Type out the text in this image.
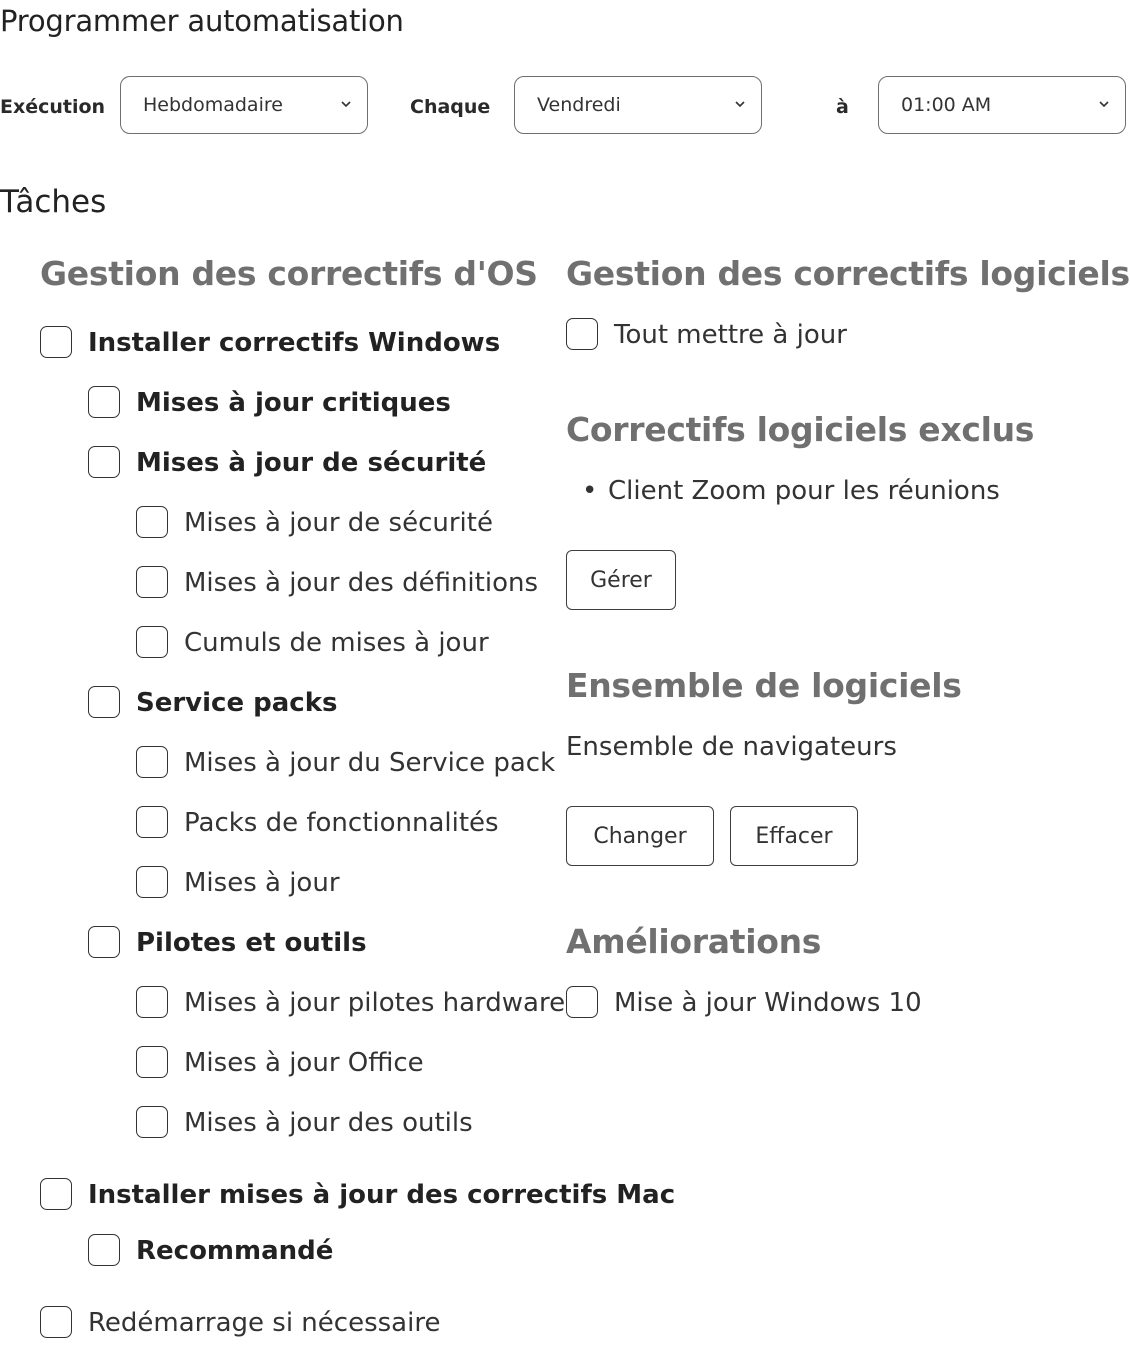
Programmer automatisation
Exécution Hebdomadaire	Chaque Vendredi	à	01:00 AM
Tâches
Gestion des correctifs d'OS
Installer correctifs Windows
Mises à jour critiques
Mises à jour de sécurité
Mises à jour de sécurité
Mises à jour des définitions
Cumuls de mises à jour
Service packs
Mises à jour du Service pack
Packs de fonctionnalités
Mises à jour
Pilotes et outils
Mises à jour pilotes hardware
Mises à jour Office
Mises à jour des outils
Installer mises à jour des correctifs Mac
Recommandé
Redémarrage si nécessaire
Gestion des correctifs logiciels
Tout mettre à jour
Correctifs logiciels exclus
• Client Zoom pour les réunions
Gérer
Ensemble de logiciels
Ensemble de navigateurs
Changer	Effacer
Améliorations
Mise à jour Windows 10
